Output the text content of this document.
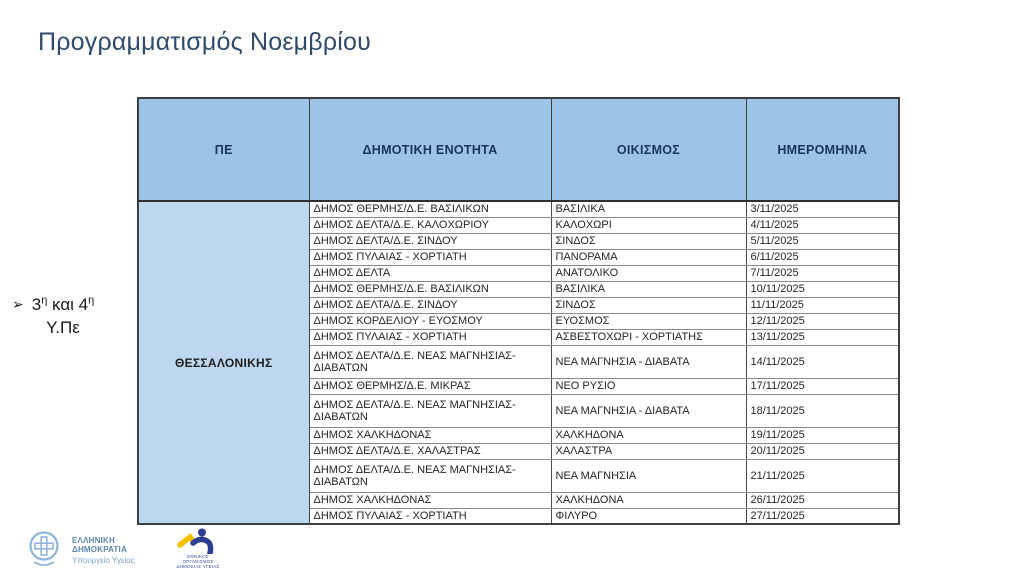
Προγραμματισμός Νοεμβρίου
➢ $3^\eta$ και $4^\eta$
Υ.Πε
ΠΕ	ΔΗΜΟΤΙΚΗ ΕΝΟΤΗΤΑ	ΟΙΚΙΣΜΟΣ	ΗΜΕΡΟΜΗΝΙΑ
ΘΕΣΣΑΛΟΝΙΚΗΣ	ΔΗΜΟΣ ΘΕΡΜΗΣ/Δ.Ε. ΒΑΣΙΛΙΚΩΝ	ΒΑΣΙΛΙΚΑ	3/11/2025
	ΔΗΜΟΣ ΔΕΛΤΑ/Δ.Ε. ΚΑΛΟΧΩΡΙΟΥ	ΚΑΛΟΧΩΡΙ	4/11/2025
	ΔΗΜΟΣ ΔΕΛΤΑ/Δ.Ε. ΣΙΝΔΟΥ	ΣΙΝΔΟΣ	5/11/2025
	ΔΗΜΟΣ ΠΥΛΑΙΑΣ - ΧΟΡΤΙΑΤΗ	ΠΑΝΟΡΑΜΑ	6/11/2025
	ΔΗΜΟΣ ΔΕΛΤΑ	ΑΝΑΤΟΛΙΚΟ	7/11/2025
	ΔΗΜΟΣ ΘΕΡΜΗΣ/Δ.Ε. ΒΑΣΙΛΙΚΩΝ	ΒΑΣΙΛΙΚΑ	10/11/2025
	ΔΗΜΟΣ ΔΕΛΤΑ/Δ.Ε. ΣΙΝΔΟΥ	ΣΙΝΔΟΣ	11/11/2025
	ΔΗΜΟΣ ΚΟΡΔΕΛΙΟΥ - ΕΥΟΣΜΟΥ	ΕΥΟΣΜΟΣ	12/11/2025
	ΔΗΜΟΣ ΠΥΛΑΙΑΣ - ΧΟΡΤΙΑΤΗ	ΑΣΒΕΣΤΟΧΩΡΙ - ΧΟΡΤΙΑΤΗΣ	13/11/2025
	ΔΗΜΟΣ ΔΕΛΤΑ/Δ.Ε. ΝΕΑΣ ΜΑΓΝΗΣΙΑΣ-ΔΙΑΒΑΤΩΝ	ΝΕΑ ΜΑΓΝΗΣΙΑ - ΔΙΑΒΑΤΑ	14/11/2025
	ΔΗΜΟΣ ΘΕΡΜΗΣ/Δ.Ε. ΜΙΚΡΑΣ	ΝΕΟ ΡΥΣΙΟ	17/11/2025
	ΔΗΜΟΣ ΔΕΛΤΑ/Δ.Ε. ΝΕΑΣ ΜΑΓΝΗΣΙΑΣ-ΔΙΑΒΑΤΩΝ	ΝΕΑ ΜΑΓΝΗΣΙΑ - ΔΙΑΒΑΤΑ	18/11/2025
	ΔΗΜΟΣ ΧΑΛΚΗΔΟΝΑΣ	ΧΑΛΚΗΔΟΝΑ	19/11/2025
	ΔΗΜΟΣ ΔΕΛΤΑ/Δ.Ε. ΧΑΛΑΣΤΡΑΣ	ΧΑΛΑΣΤΡΑ	20/11/2025
	ΔΗΜΟΣ ΔΕΛΤΑ/Δ.Ε. ΝΕΑΣ ΜΑΓΝΗΣΙΑΣ-ΔΙΑΒΑΤΩΝ	ΝΕΑ ΜΑΓΝΗΣΙΑ	21/11/2025
	ΔΗΜΟΣ ΧΑΛΚΗΔΟΝΑΣ	ΧΑΛΚΗΔΟΝΑ	26/11/2025
	ΔΗΜΟΣ ΠΥΛΑΙΑΣ - ΧΟΡΤΙΑΤΗ	ΦΙΛΥΡΟ	27/11/2025
ΕΛΛΗΝΙΚΗ ΔΗΜΟΚΡΑΤΙΑ
Υπουργείο Υγείας	ΕΘΝΙΚΟΣ ΟΡΓΑΝΙΣΜΟΣ
ΔΗΜΟΣΙΑΣ ΥΓΕΙΑΣ
